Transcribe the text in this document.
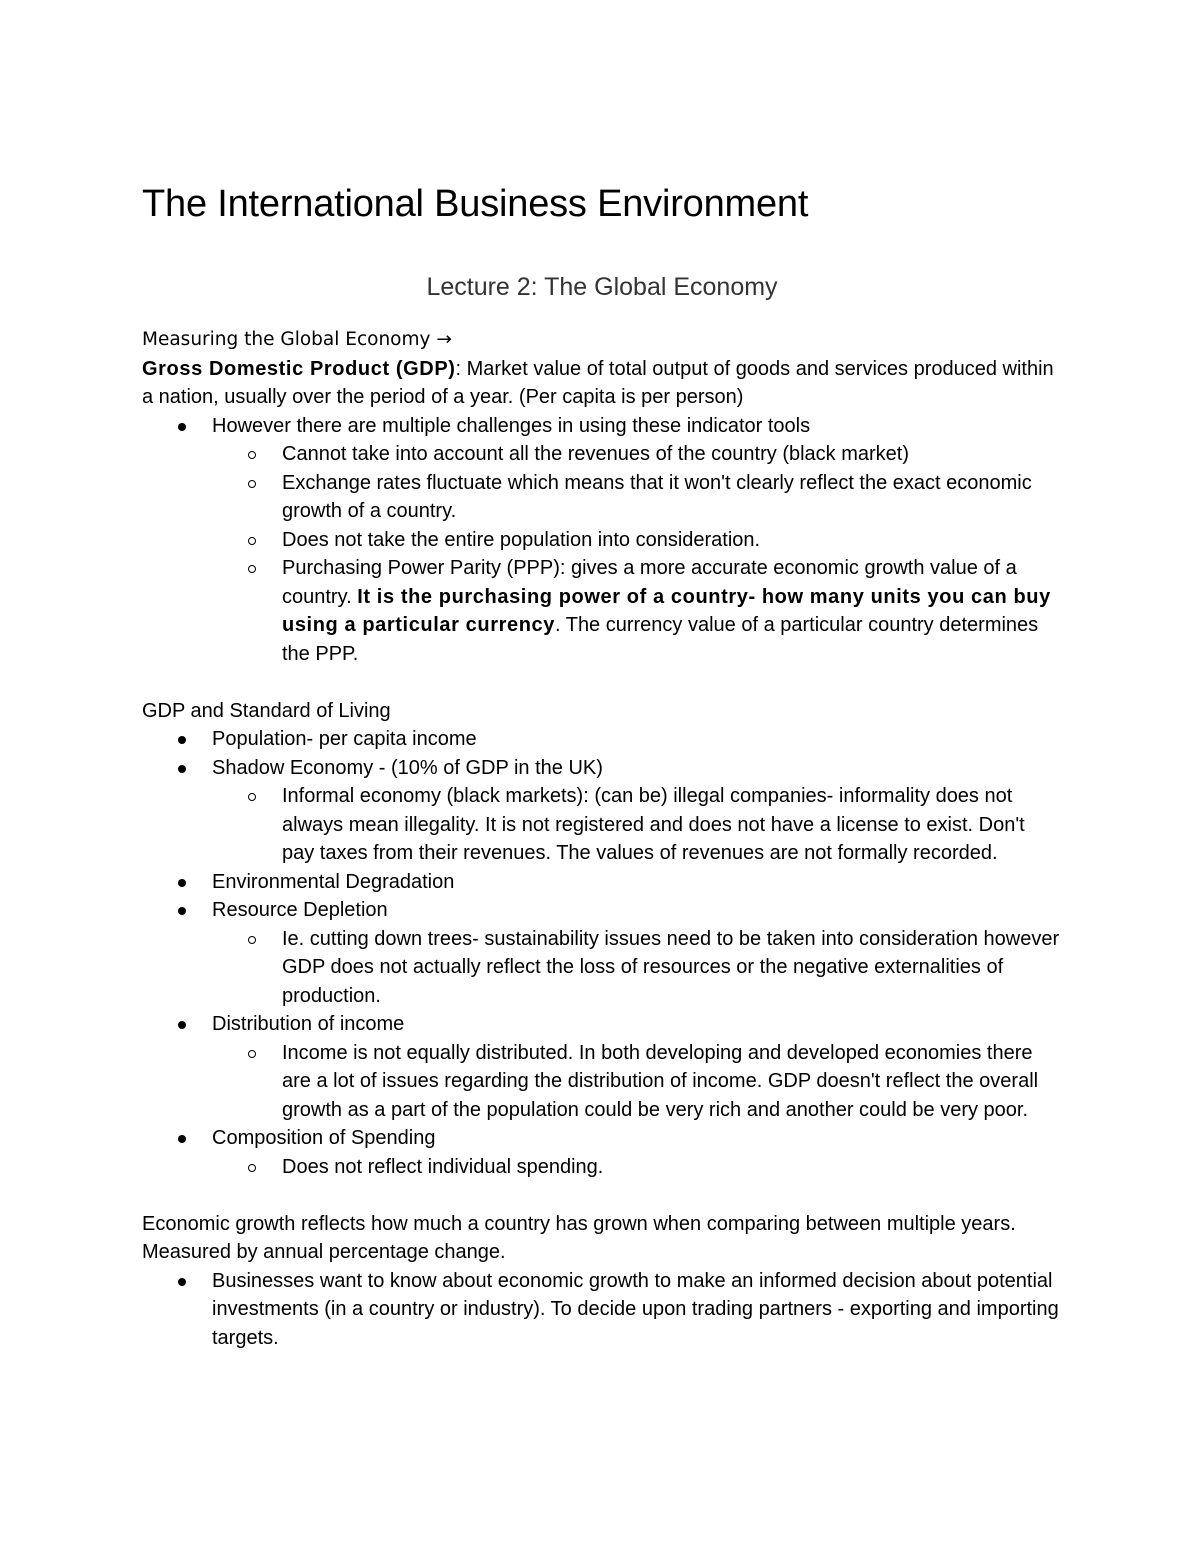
The International Business Environment
Lecture 2: The Global Economy

Measuring the Global Economy →

Gross Domestic Product (GDP): Market value of total output of goods and services produced within a nation, usually over the period of a year. (Per capita is per person)

However there are multiple challenges in using these indicator tools
Cannot take into account all the revenues of the country (black market)
Exchange rates fluctuate which means that it won't clearly reflect the exact economic growth of a country.
Does not take the entire population into consideration.
Purchasing Power Parity (PPP): gives a more accurate economic growth value of a country. It is the purchasing power of a country- how many units you can buy using a particular currency. The currency value of a particular country determines the PPP.

GDP and Standard of Living

Population- per capita income
Shadow Economy - (10% of GDP in the UK)
Informal economy (black markets): (can be) illegal companies- informality does not always mean illegality. It is not registered and does not have a license to exist. Don't pay taxes from their revenues. The values of revenues are not formally recorded.
Environmental Degradation
Resource Depletion
Ie. cutting down trees- sustainability issues need to be taken into consideration however GDP does not actually reflect the loss of resources or the negative externalities of production.
Distribution of income
Income is not equally distributed. In both developing and developed economies there are a lot of issues regarding the distribution of income. GDP doesn't reflect the overall growth as a part of the population could be very rich and another could be very poor.
Composition of Spending
Does not reflect individual spending.

Economic growth reflects how much a country has grown when comparing between multiple years. Measured by annual percentage change.

Businesses want to know about economic growth to make an informed decision about potential investments (in a country or industry). To decide upon trading partners - exporting and importing targets.
